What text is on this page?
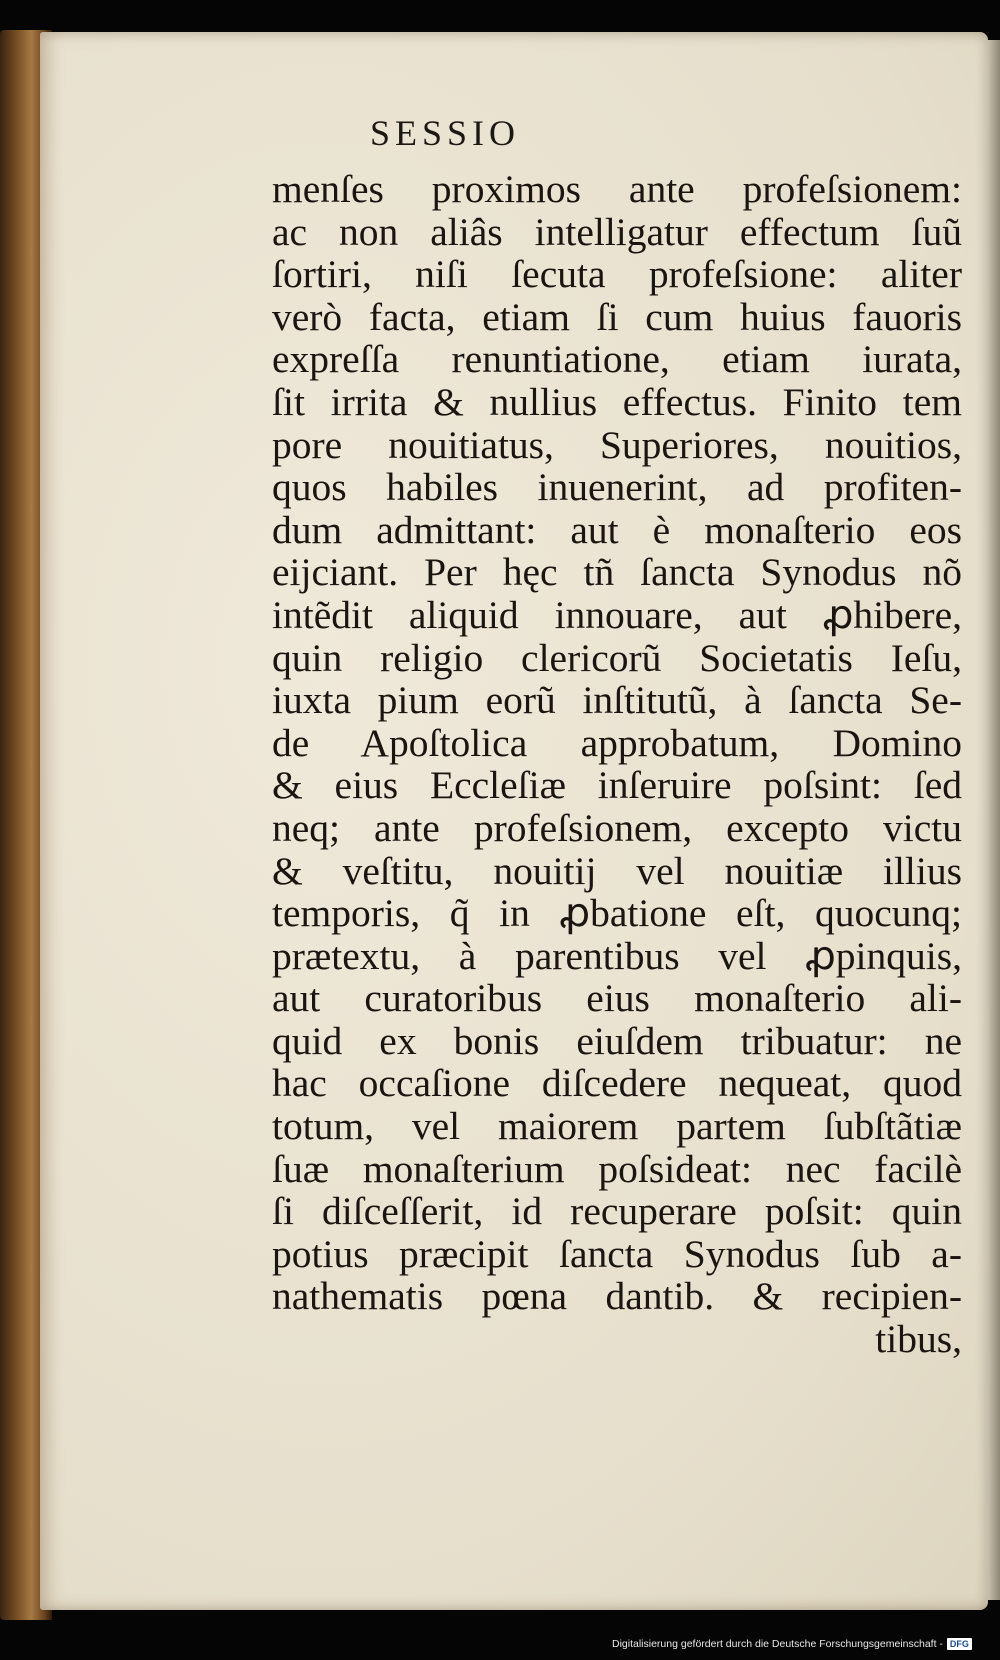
SESSIO
menſes proximos ante profeſsionem:
ac non aliâs intelligatur effectum ſuũ
ſortiri, niſi ſecuta profeſsione: aliter
verò facta, etiam ſi cum huius fauoris
expreſſa renuntiatione, etiam iurata,
ſit irrita & nullius effectus. Finito tem
pore nouitiatus, Superiores, nouitios,
quos habiles inuenerint, ad profiten-
dum admittant: aut è monaſterio eos
eijciant. Per hęc tñ ſancta Synodus nõ
intẽdit aliquid innouare, aut ꝓhibere,
quin religio clericorũ Societatis Ieſu,
iuxta pium eorũ inſtitutũ, à ſancta Se-
de Apoſtolica approbatum, Domino
& eius Eccleſiæ inſeruire poſsint: ſed
neq; ante profeſsionem, excepto victu
& veſtitu, nouitij vel nouitiæ illius
temporis, q̃ in ꝓbatione eſt, quocunq;
prætextu, à parentibus vel ꝓpinquis,
aut curatoribus eius monaſterio ali-
quid ex bonis eiuſdem tribuatur: ne
hac occaſione diſcedere nequeat, quod
totum, vel maiorem partem ſubſtãtiæ
ſuæ monaſterium poſsideat: nec facilè
ſi diſceſſerit, id recuperare poſsit: quin
potius præcipit ſancta Synodus ſub a-
nathematis pœna dantib. & recipien-
tibus,
Digitalisierung gefördert durch die Deutsche Forschungsgemeinschaft - DFG
